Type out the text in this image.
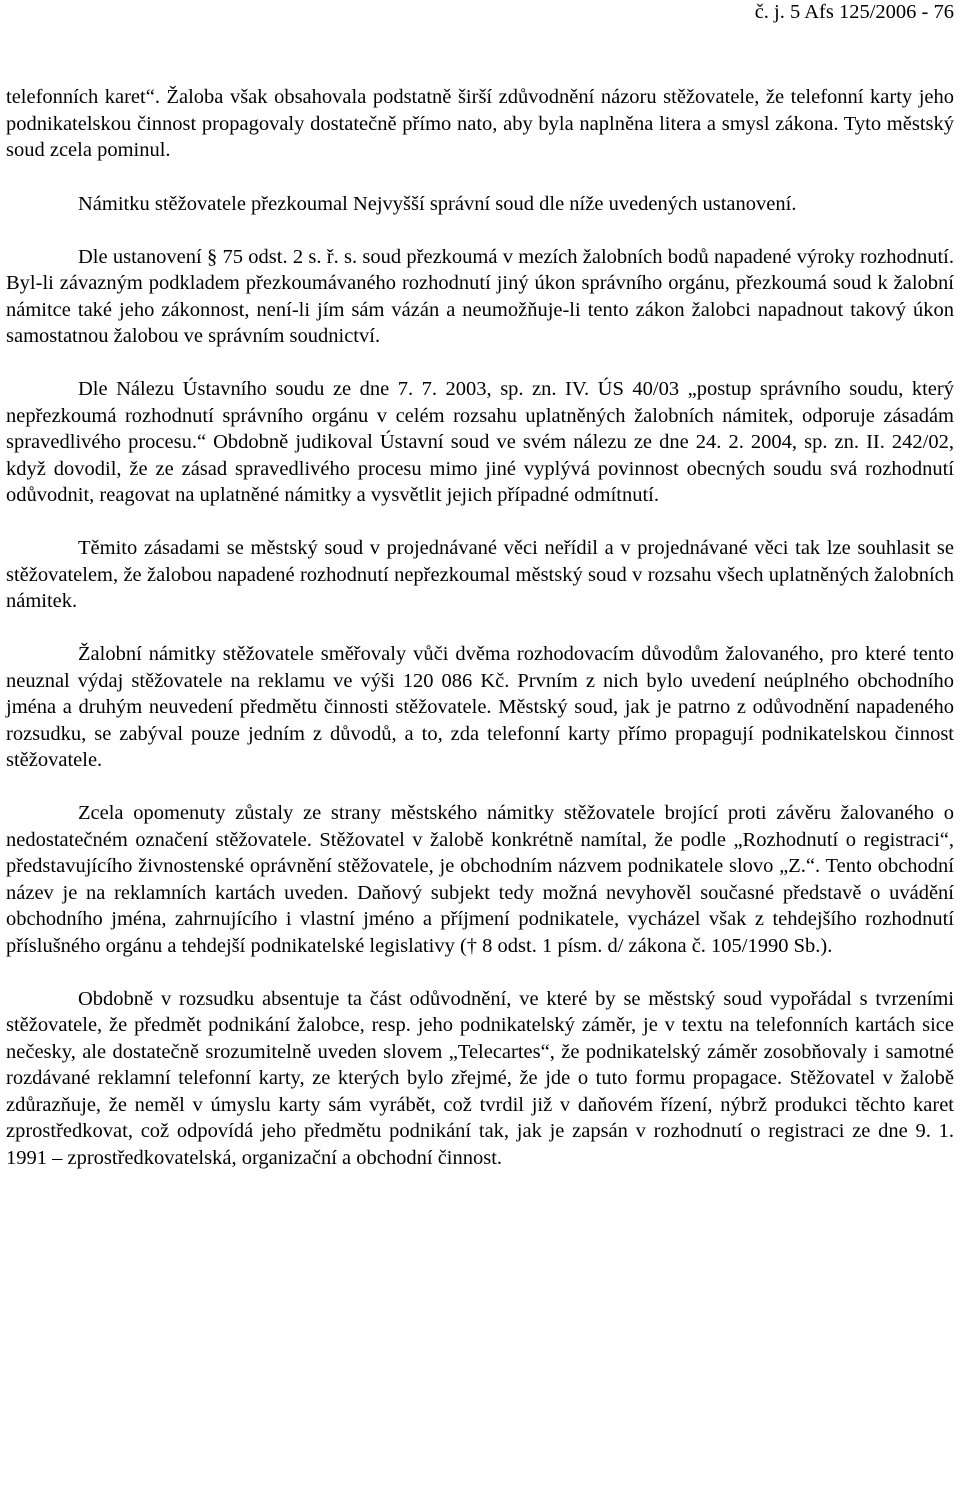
č. j. 5 Afs 125/2006 - 76

telefonních karet“. Žaloba však obsahovala podstatně širší zdůvodnění názoru stěžovatele, že telefonní karty jeho podnikatelskou činnost propagovaly dostatečně přímo nato, aby byla naplněna litera a smysl zákona. Tyto městský soud zcela pominul.

Námitku stěžovatele přezkoumal Nejvyšší správní soud dle níže uvedených ustanovení.

Dle ustanovení § 75 odst. 2 s. ř. s. soud přezkoumá v mezích žalobních bodů napadené výroky rozhodnutí. Byl-li závazným podkladem přezkoumávaného rozhodnutí jiný úkon správního orgánu, přezkoumá soud k žalobní námitce také jeho zákonnost, není-li jím sám vázán a neumožňuje-li tento zákon žalobci napadnout takový úkon samostatnou žalobou ve správním soudnictví.

Dle Nálezu Ústavního soudu ze dne 7. 7. 2003, sp. zn. IV. ÚS 40/03 „postup správního soudu, který nepřezkoumá rozhodnutí správního orgánu v celém rozsahu uplatněných žalobních námitek, odporuje zásadám spravedlivého procesu.“ Obdobně judikoval Ústavní soud ve svém nálezu ze dne 24. 2. 2004, sp. zn. II. 242/02, když dovodil, že ze zásad spravedlivého procesu mimo jiné vyplývá povinnost obecných soudu svá rozhodnutí odůvodnit, reagovat na uplatněné námitky a vysvětlit jejich případné odmítnutí.

Těmito zásadami se městský soud v projednávané věci neřídil a v projednávané věci tak lze souhlasit se stěžovatelem, že žalobou napadené rozhodnutí nepřezkoumal městský soud v rozsahu všech uplatněných žalobních námitek.

Žalobní námitky stěžovatele směřovaly vůči dvěma rozhodovacím důvodům žalovaného, pro které tento neuznal výdaj stěžovatele na reklamu ve výši 120 086 Kč. Prvním z nich bylo uvedení neúplného obchodního jména a druhým neuvedení předmětu činnosti stěžovatele. Městský soud, jak je patrno z odůvodnění napadeného rozsudku, se zabýval pouze jedním z důvodů, a to, zda telefonní karty přímo propagují podnikatelskou činnost stěžovatele.

Zcela opomenuty zůstaly ze strany městského námitky stěžovatele brojící proti závěru žalovaného o nedostatečném označení stěžovatele. Stěžovatel v žalobě konkrétně namítal, že podle „Rozhodnutí o registraci“, představujícího živnostenské oprávnění stěžovatele, je obchodním názvem podnikatele slovo „Z.“. Tento obchodní název je na reklamních kartách uveden. Daňový subjekt tedy možná nevyhověl současné představě o uvádění obchodního jména, zahrnujícího i vlastní jméno a příjmení podnikatele, vycházel však z tehdejšího rozhodnutí příslušného orgánu a tehdejší podnikatelské legislativy († 8 odst. 1 písm. d/ zákona č. 105/1990 Sb.).

Obdobně v rozsudku absentuje ta část odůvodnění, ve které by se městský soud vypořádal s tvrzeními stěžovatele, že předmět podnikání žalobce, resp. jeho podnikatelský záměr, je v textu na telefonních kartách sice nečesky, ale dostatečně srozumitelně uveden slovem „Telecartes“, že podnikatelský záměr zosobňovaly i samotné rozdávané reklamní telefonní karty, ze kterých bylo zřejmé, že jde o tuto formu propagace. Stěžovatel v žalobě zdůrazňuje, že neměl v úmyslu karty sám vyrábět, což tvrdil již v daňovém řízení, nýbrž produkci těchto karet zprostředkovat, což odpovídá jeho předmětu podnikání tak, jak je zapsán v rozhodnutí o registraci ze dne 9. 1. 1991 – zprostředkovatelská, organizační a obchodní činnost.
